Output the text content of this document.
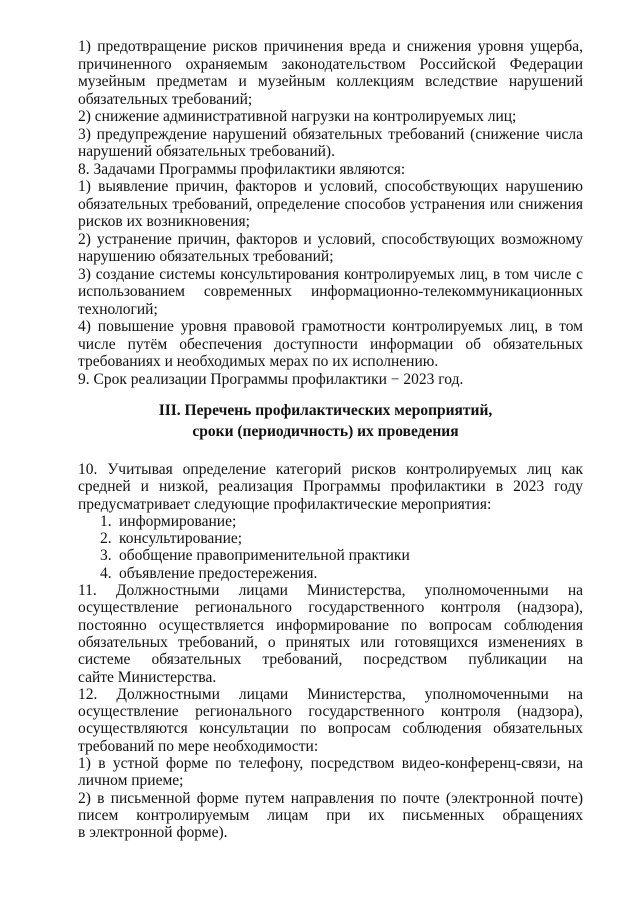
1) предотвращение рисков причинения вреда и снижения уровня ущерба,
причиненного охраняемым законодательством Российской Федерации
музейным предметам и музейным коллекциям вследствие нарушений
обязательных требований;
2) снижение административной нагрузки на контролируемых лиц;
3) предупреждение нарушений обязательных требований (снижение числа
нарушений обязательных требований).
8. Задачами Программы профилактики являются:
1) выявление причин, факторов и условий, способствующих нарушению
обязательных требований, определение способов устранения или снижения
рисков их возникновения;
2) устранение причин, факторов и условий, способствующих возможному
нарушению обязательных требований;
3) создание системы консультирования контролируемых лиц, в том числе с
использованием современных информационно-телекоммуникационных
технологий;
4) повышение уровня правовой грамотности контролируемых лиц, в том
числе путём обеспечения доступности информации об обязательных
требованиях и необходимых мерах по их исполнению.
9. Срок реализации Программы профилактики − 2023 год.
III. Перечень профилактических мероприятий,
сроки (периодичность) их проведения
10. Учитывая определение категорий рисков контролируемых лиц как
средней и низкой, реализация Программы профилактики в 2023 году
предусматривает следующие профилактические мероприятия:
1. информирование;
2. консультирование;
3. обобщение правоприменительной практики
4. объявление предостережения.
11. Должностными лицами Министерства, уполномоченными на
осуществление регионального государственного контроля (надзора),
постоянно осуществляется информирование по вопросам соблюдения
обязательных требований, о принятых или готовящихся изменениях в
системе обязательных требований, посредством публикации на
сайте Министерства.
12. Должностными лицами Министерства, уполномоченными на
осуществление регионального государственного контроля (надзора),
осуществляются консультации по вопросам соблюдения обязательных
требований по мере необходимости:
1) в устной форме по телефону, посредством видео-конференц-связи, на
личном приеме;
2) в письменной форме путем направления по почте (электронной почте)
писем контролируемым лицам при их письменных обращениях
в электронной форме).
